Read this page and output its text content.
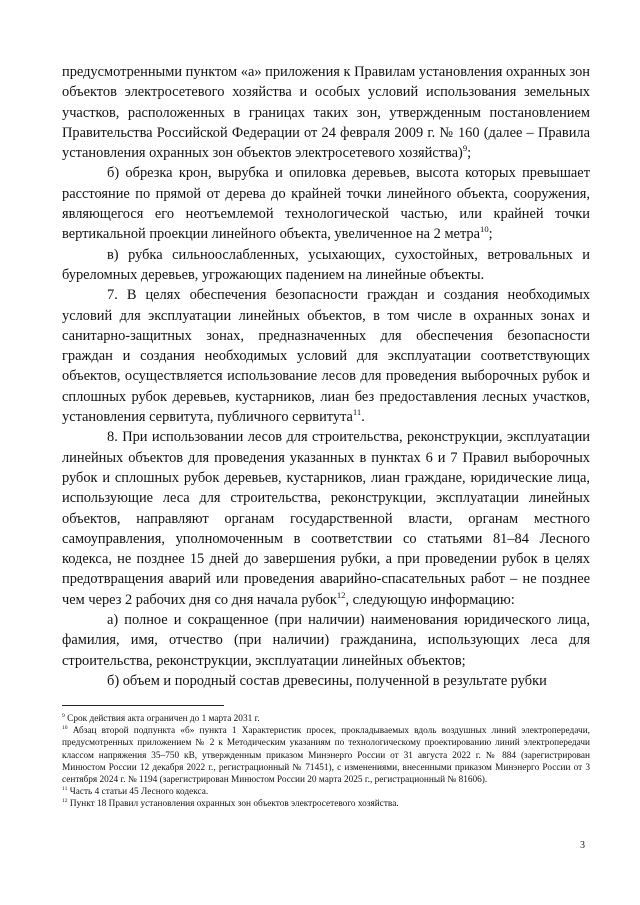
предусмотренными пунктом «а» приложения к Правилам установления охранных зон объектов электросетевого хозяйства и особых условий использования земельных участков, расположенных в границах таких зон, утвержденным постановлением Правительства Российской Федерации от 24 февраля 2009 г. № 160 (далее – Правила установления охранных зон объектов электросетевого хозяйства)$^9$;

б) обрезка крон, вырубка и опиловка деревьев, высота которых превышает расстояние по прямой от дерева до крайней точки линейного объекта, сооружения, являющегося его неотъемлемой технологической частью, или крайней точки вертикальной проекции линейного объекта, увеличенное на 2 метра$^{10}$;

в) рубка сильноослабленных, усыхающих, сухостойных, ветровальных и буреломных деревьев, угрожающих падением на линейные объекты.

7. В целях обеспечения безопасности граждан и создания необходимых условий для эксплуатации линейных объектов, в том числе в охранных зонах и санитарно-защитных зонах, предназначенных для обеспечения безопасности граждан и создания необходимых условий для эксплуатации соответствующих объектов, осуществляется использование лесов для проведения выборочных рубок и сплошных рубок деревьев, кустарников, лиан без предоставления лесных участков, установления сервитута, публичного сервитута$^{11}$.

8. При использовании лесов для строительства, реконструкции, эксплуатации линейных объектов для проведения указанных в пунктах 6 и 7 Правил выборочных рубок и сплошных рубок деревьев, кустарников, лиан граждане, юридические лица, использующие леса для строительства, реконструкции, эксплуатации линейных объектов, направляют органам государственной власти, органам местного самоуправления, уполномоченным в соответствии со статьями 81–84 Лесного кодекса, не позднее 15 дней до завершения рубки, а при проведении рубок в целях предотвращения аварий или проведения аварийно-спасательных работ – не позднее чем через 2 рабочих дня со дня начала рубок$^{12}$, следующую информацию:

а) полное и сокращенное (при наличии) наименования юридического лица, фамилия, имя, отчество (при наличии) гражданина, использующих леса для строительства, реконструкции, эксплуатации линейных объектов;

б) объем и породный состав древесины, полученной в результате рубки

$^9$ Срок действия акта ограничен до 1 марта 2031 г.

$^{10}$ Абзац второй подпункта «б» пункта 1 Характеристик просек, прокладываемых вдоль воздушных линий электропередачи, предусмотренных приложением № 2 к Методическим указаниям по технологическому проектированию линий электропередачи классом напряжения 35–750 кВ, утвержденным приказом Минэнерго России от 31 августа 2022 г. № 884 (зарегистрирован Минюстом России 12 декабря 2022 г., регистрационный № 71451), с изменениями, внесенными приказом Минэнерго России от 3 сентября 2024 г. № 1194 (зарегистрирован Минюстом России 20 марта 2025 г., регистрационный № 81606).

$^{11}$ Часть 4 статьи 45 Лесного кодекса.

$^{12}$ Пункт 18 Правил установления охранных зон объектов электросетевого хозяйства.

3
